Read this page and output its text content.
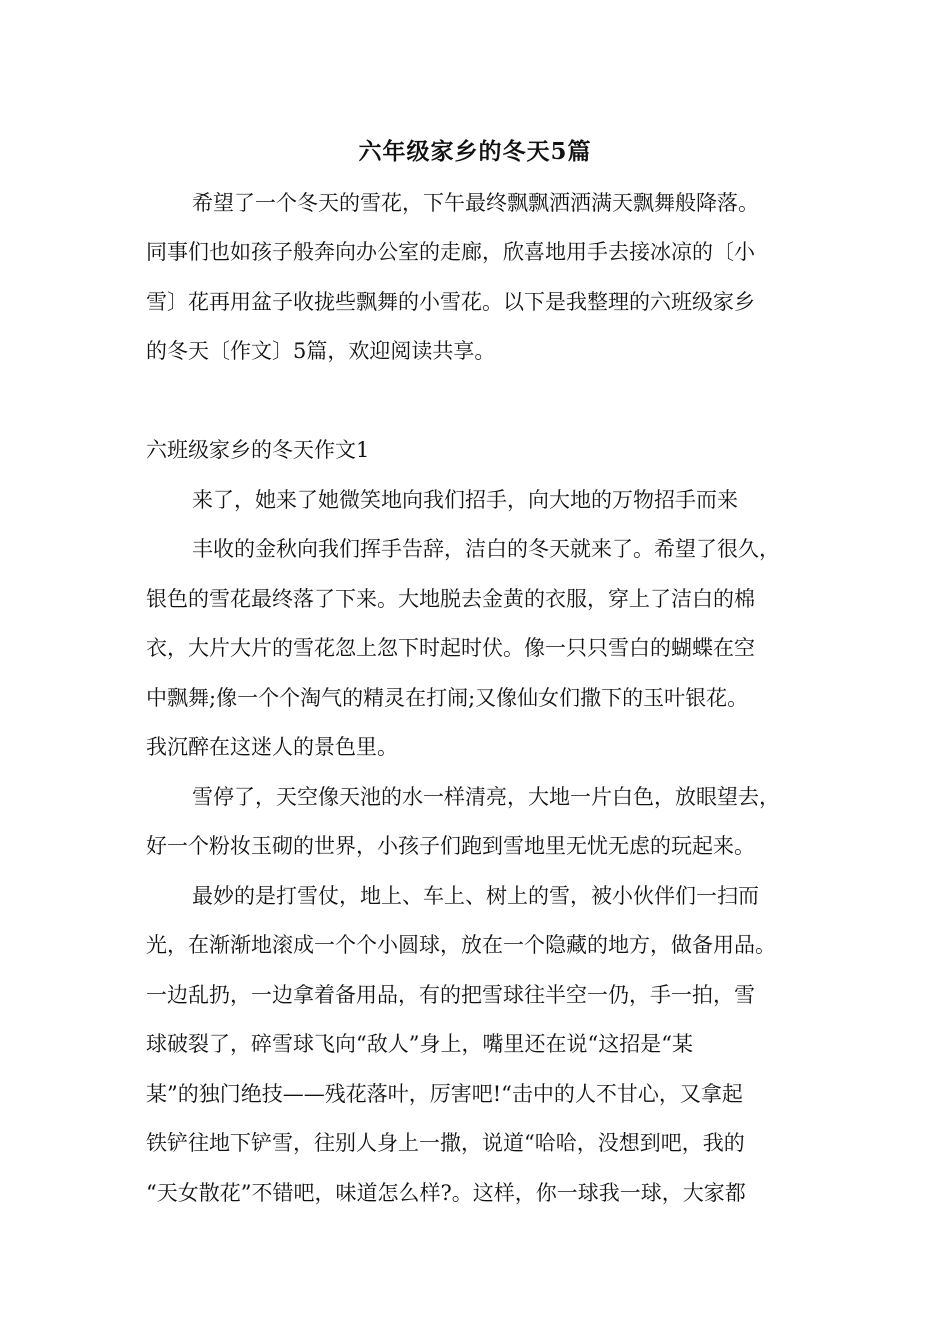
六年级家乡的冬天5篇
希望了一个冬天的雪花，下午最终飘飘洒洒满天飘舞般降落。
同事们也如孩子般奔向办公室的走廊，欣喜地用手去接冰凉的〔小
雪〕花再用盆子收拢些飘舞的小雪花。以下是我整理的六班级家乡
的冬天〔作文〕5篇，欢迎阅读共享。
六班级家乡的冬天作文1
来了，她来了她微笑地向我们招手，向大地的万物招手而来
丰收的金秋向我们挥手告辞，洁白的冬天就来了。希望了很久，
银色的雪花最终落了下来。大地脱去金黄的衣服，穿上了洁白的棉
衣，大片大片的雪花忽上忽下时起时伏。像一只只雪白的蝴蝶在空
中飘舞;像一个个淘气的精灵在打闹;又像仙女们撒下的玉叶银花。
我沉醉在这迷人的景色里。
雪停了，天空像天池的水一样清亮，大地一片白色，放眼望去，
好一个粉妆玉砌的世界，小孩子们跑到雪地里无忧无虑的玩起来。
最妙的是打雪仗，地上、车上、树上的雪，被小伙伴们一扫而
光，在渐渐地滚成一个个小圆球，放在一个隐藏的地方，做备用品。
一边乱扔，一边拿着备用品，有的把雪球往半空一仍，手一拍，雪
球破裂了，碎雪球飞向“敌人”身上，嘴里还在说“这招是“某
某”的独门绝技——残花落叶，厉害吧!“击中的人不甘心，又拿起
铁铲往地下铲雪，往别人身上一撒，说道“哈哈，没想到吧，我的
“天女散花”不错吧，味道怎么样?。这样，你一球我一球，大家都
